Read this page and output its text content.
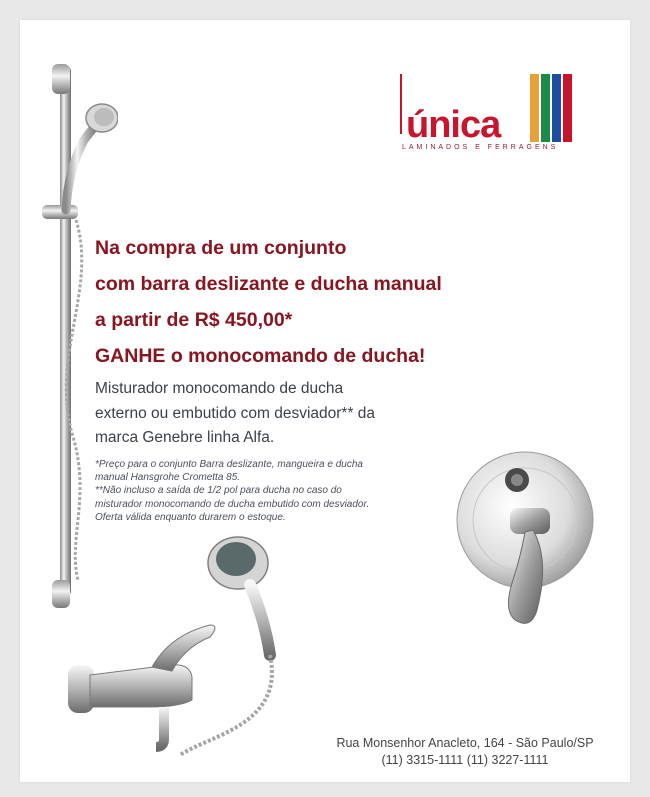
única
LAMINADOS E FERRAGENS
Na compra de um conjunto
com barra deslizante e ducha manual
a partir de R$ 450,00*
GANHE o monocomando de ducha!
Misturador monocomando de ducha
externo ou embutido com desviador** da
marca Genebre linha Alfa.
*Preço para o conjunto Barra deslizante, mangueira e ducha
manual Hansgrohe Crometta 85.
**Não incluso a saída de 1/2 pol para ducha no caso do
misturador monocomando de ducha embutido com desviador.
Oferta válida enquanto durarem o estoque.
Rua Monsenhor Anacleto, 164 - São Paulo/SP
(11) 3315-1111 (11) 3227-1111
